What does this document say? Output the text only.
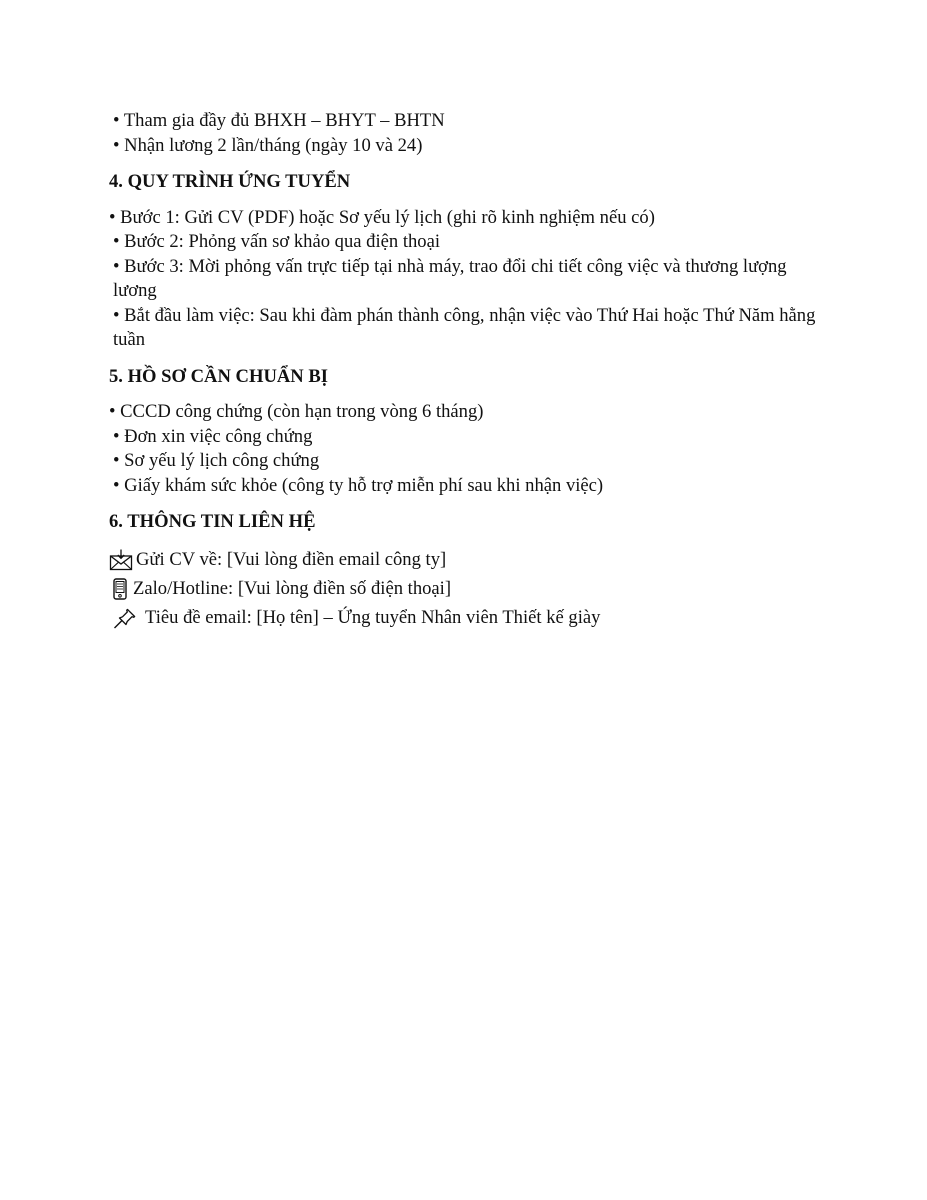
• Tham gia đầy đủ BHXH – BHYT – BHTN

• Nhận lương 2 lần/tháng (ngày 10 và 24)

4. QUY TRÌNH ỨNG TUYỂN

• Bước 1: Gửi CV (PDF) hoặc Sơ yếu lý lịch (ghi rõ kinh nghiệm nếu có)

• Bước 2: Phỏng vấn sơ khảo qua điện thoại

• Bước 3: Mời phỏng vấn trực tiếp tại nhà máy, trao đổi chi tiết công việc và thương lượng lương

• Bắt đầu làm việc: Sau khi đàm phán thành công, nhận việc vào Thứ Hai hoặc Thứ Năm hằng tuần

5. HỒ SƠ CẦN CHUẨN BỊ

• CCCD công chứng (còn hạn trong vòng 6 tháng)

• Đơn xin việc công chứng

• Sơ yếu lý lịch công chứng

• Giấy khám sức khỏe (công ty hỗ trợ miễn phí sau khi nhận việc)

6. THÔNG TIN LIÊN HỆ
Gửi CV về: [Vui lòng điền email công ty]
Zalo/Hotline: [Vui lòng điền số điện thoại]
Tiêu đề email: [Họ tên] – Ứng tuyển Nhân viên Thiết kế giày
